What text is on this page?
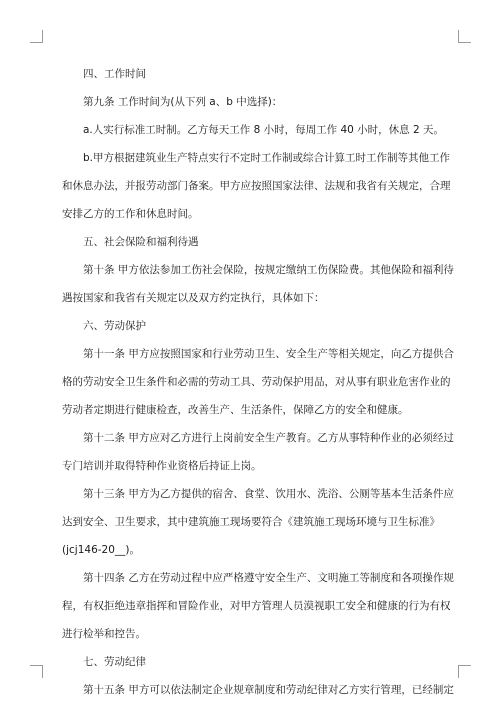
四、工作时间
第九条 工作时间为(从下列 a、b 中选择)：
a.人实行标准工时制。乙方每天工作 8 小时，每周工作 40 小时，休息 2 天。
b.甲方根据建筑业生产特点实行不定时工作制或综合计算工时工作制等其他工作
和休息办法，并报劳动部门备案。甲方应按照国家法律、法规和我省有关规定，合理
安排乙方的工作和休息时间。
五、社会保险和福利待遇
第十条 甲方依法参加工伤社会保险，按规定缴纳工伤保险费。其他保险和福利待
遇按国家和我省有关规定以及双方约定执行，具体如下：
六、劳动保护
第十一条 甲方应按照国家和行业劳动卫生、安全生产等相关规定，向乙方提供合
格的劳动安全卫生条件和必需的劳动工具、劳动保护用品，对从事有职业危害作业的
劳动者定期进行健康检查，改善生产、生活条件，保障乙方的安全和健康。
第十二条 甲方应对乙方进行上岗前安全生产教育。乙方从事特种作业的必须经过
专门培训并取得特种作业资格后持证上岗。
第十三条 甲方为乙方提供的宿舍、食堂、饮用水、洗浴、公厕等基本生活条件应
达到安全、卫生要求，其中建筑施工现场要符合《建筑施工现场环境与卫生标准》
(jcj146-20__)。
第十四条 乙方在劳动过程中应严格遵守安全生产、文明施工等制度和各项操作规
程，有权拒绝违章指挥和冒险作业，对甲方管理人员漠视职工安全和健康的行为有权
进行检举和控告。
七、劳动纪律
第十五条 甲方可以依法制定企业规章制度和劳动纪律对乙方实行管理，已经制定
